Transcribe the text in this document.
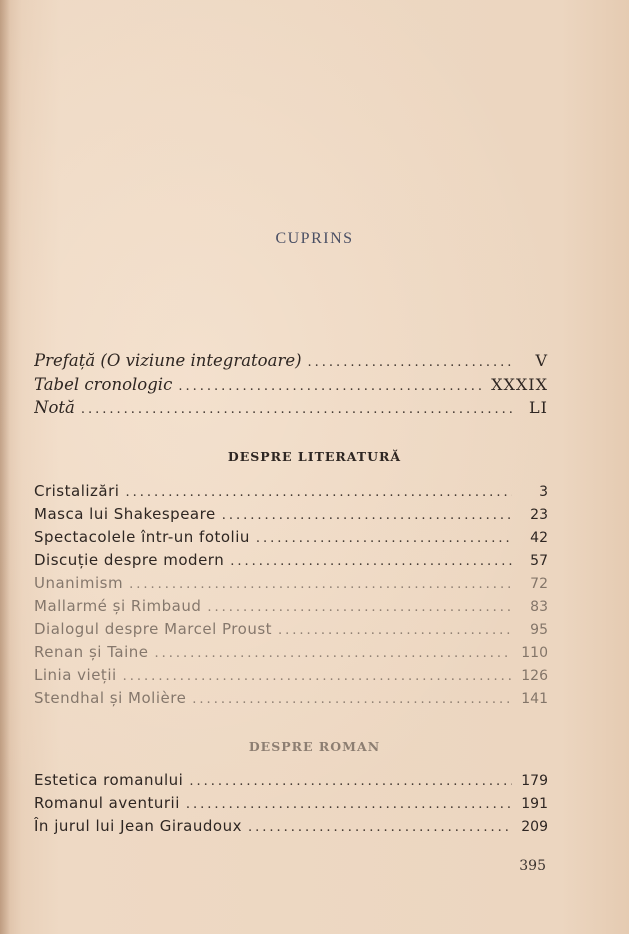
CUPRINS
Prefață (O viziune integratoare) .....	V
Tabel cronologic .....	XXXIX
Notă .....	LI
DESPRE LITERATURĂ
Cristalizări .....	3
Masca lui Shakespeare .....	23
Spectacolele într-un fotoliu .....	42
Discuție despre modern .....	57
Unanimism .....	72
Mallarmé și Rimbaud .....	83
Dialogul despre Marcel Proust .....	95
Renan și Taine .....	110
Linia vieții .....	126
Stendhal și Molière .....	141
DESPRE ROMAN
Estetica romanului .....	179
Romanul aventurii .....	191
În jurul lui Jean Giraudoux .....	209
395
